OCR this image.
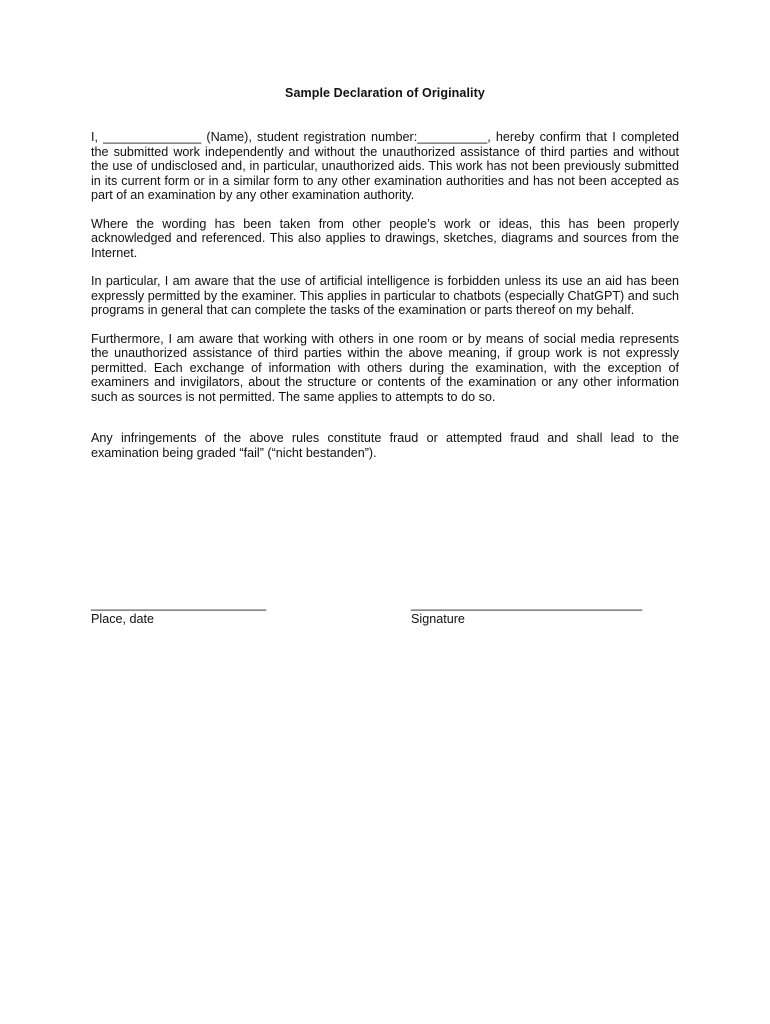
Sample Declaration of Originality

I, ______________ (Name), student registration number:__________, hereby confirm that I completed the submitted work independently and without the unauthorized assistance of third parties and without the use of undisclosed and, in particular, unauthorized aids. This work has not been previously submitted in its current form or in a similar form to any other examination authorities and has not been accepted as part of an examination by any other examination authority.

Where the wording has been taken from other people’s work or ideas, this has been properly acknowledged and referenced. This also applies to drawings, sketches, diagrams and sources from the Internet.

In particular, I am aware that the use of artificial intelligence is forbidden unless its use an aid has been expressly permitted by the examiner. This applies in particular to chatbots (especially ChatGPT) and such programs in general that can complete the tasks of the examination or parts thereof on my behalf.

Furthermore, I am aware that working with others in one room or by means of social media represents the unauthorized assistance of third parties within the above meaning, if group work is not expressly permitted. Each exchange of information with others during the examination, with the exception of examiners and invigilators, about the structure or contents of the examination or any other information such as sources is not permitted. The same applies to attempts to do so.

Any infringements of the above rules constitute fraud or attempted fraud and shall lead to the examination being graded “fail” (“nicht bestanden”).

_________________________
Place, date
_________________________________
Signature
